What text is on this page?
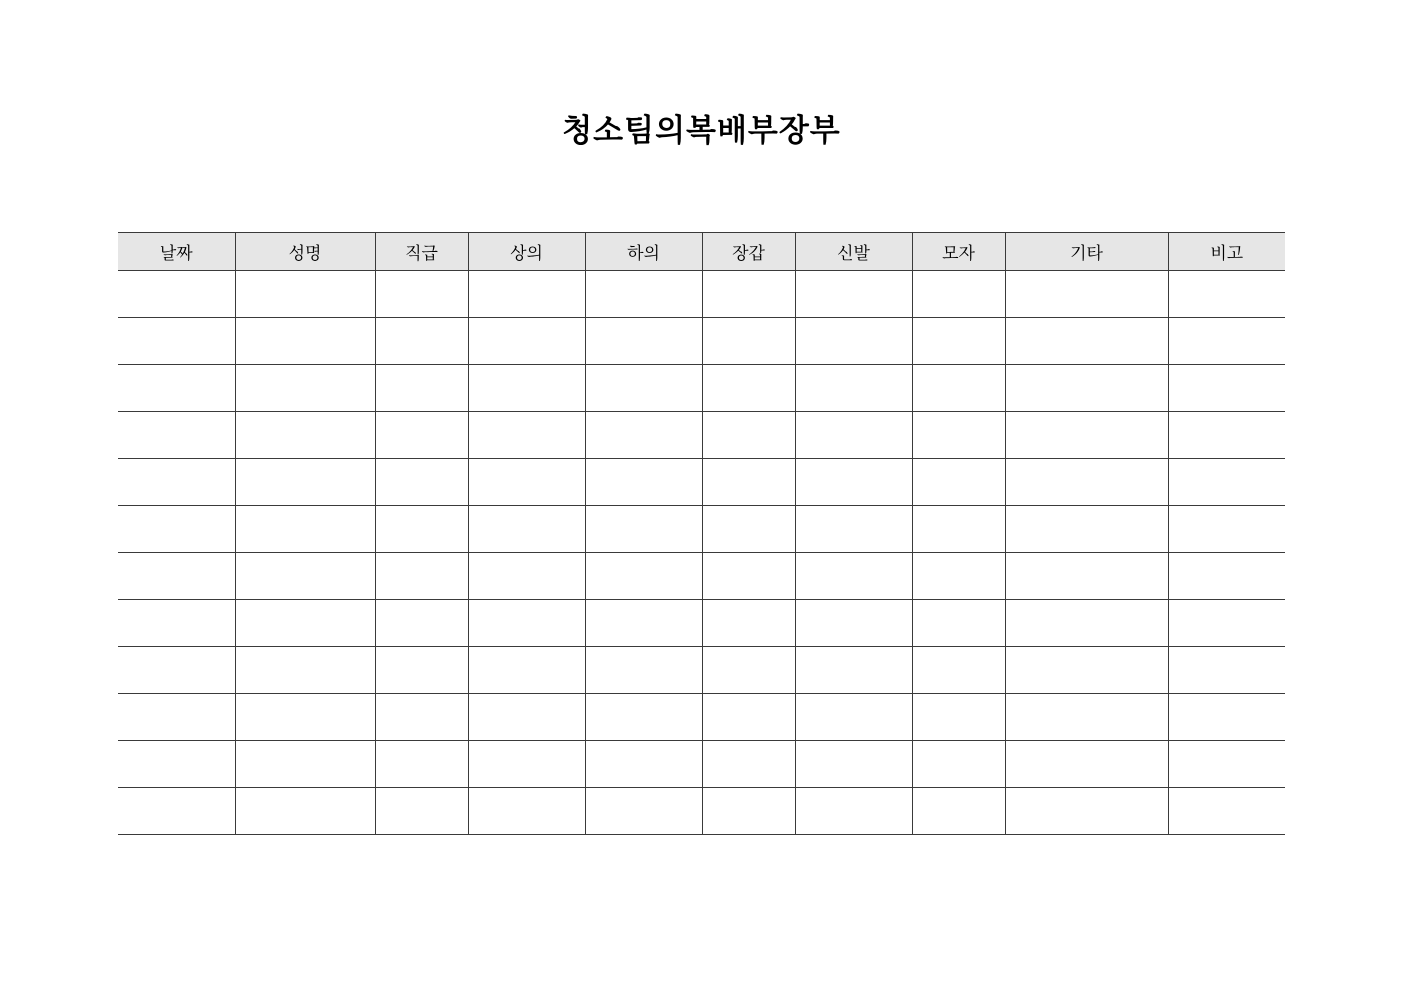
청소팀의복배부장부
날짜	성명	직급	상의	하의	장갑	신발	모자	기타	비고
